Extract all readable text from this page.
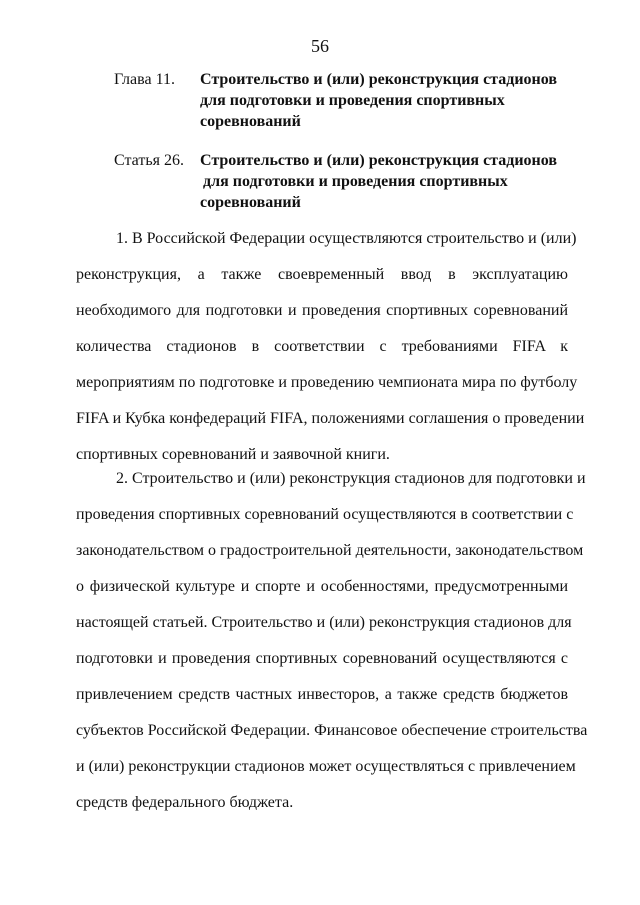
56
Глава 11. Строительство и (или) реконструкция стадионов
для подготовки и проведения спортивных
соревнований
Статья 26. Строительство и (или) реконструкция стадионов
для подготовки и проведения спортивных
соревнований
1. В Российской Федерации осуществляются строительство и (или)
реконструкция, а также своевременный ввод в эксплуатацию
необходимого для подготовки и проведения спортивных соревнований
количества стадионов в соответствии с требованиями FIFA к
мероприятиям по подготовке и проведению чемпионата мира по футболу
FIFA и Кубка конфедераций FIFA, положениями соглашения о проведении
спортивных соревнований и заявочной книги.
2. Строительство и (или) реконструкция стадионов для подготовки и
проведения спортивных соревнований осуществляются в соответствии с
законодательством о градостроительной деятельности, законодательством
о физической культуре и спорте и особенностями, предусмотренными
настоящей статьей. Строительство и (или) реконструкция стадионов для
подготовки и проведения спортивных соревнований осуществляются с
привлечением средств частных инвесторов, а также средств бюджетов
субъектов Российской Федерации. Финансовое обеспечение строительства
и (или) реконструкции стадионов может осуществляться с привлечением
средств федерального бюджета.
